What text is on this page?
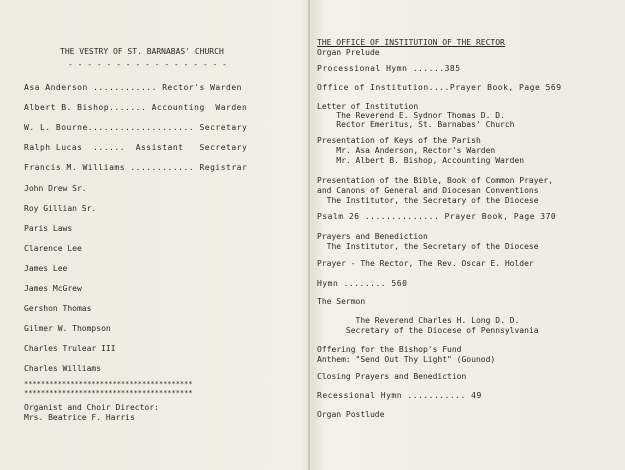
THE VESTRY OF ST. BARNABAS' CHURCH
- - - - - - - - - - - - - - - - -
Asa Anderson ............ Rector's Warden
Albert B. Bishop....... Accounting  Warden
W. L. Bourne.................... Secretary
Ralph Lucas  ......  Assistant   Secretary
Francis M. Williams ............ Registrar
John Drew Sr.
Roy Gillian Sr.
Paris Laws
Clarence Lee
James Lee
James McGrew
Gershon Thomas
Gilmer W. Thompson
Charles Trulear III
Charles Williams
****************************************
****************************************
Organist and Choir Director:
Mrs. Beatrice F. Harris
THE OFFICE OF INSTITUTION OF THE RECTOR
Organ Prelude
Processional Hymn ......385
Office of Institution....Prayer Book, Page 569
Letter of Institution
The Reverend E. Sydnor Thomas D. D.
Rector Emeritus, St. Barnabas' Church
Presentation of Keys of the Parish
Mr. Asa Anderson, Rector's Warden
Mr. Albert B. Bishop, Accounting Warden
Presentation of the Bible, Book of Common Prayer,
and Canons of General and Diocesan Conventions
The Institutor, the Secretary of the Diocese
Psalm 26 .............. Prayer Book, Page 370
Prayers and Benediction
The Institutor, the Secretary of the Diocese
Prayer - The Rector, The Rev. Oscar E. Holder
Hymn ........ 560
The Sermon
The Reverend Charles H. Long D. D.
Secretary of the Diocese of Pennsylvania
Offering for the Bishop's Fund
Anthem: "Send Out Thy Light" (Gounod)
Closing Prayers and Benediction
Recessional Hymn ........... 49
Organ Postlude
